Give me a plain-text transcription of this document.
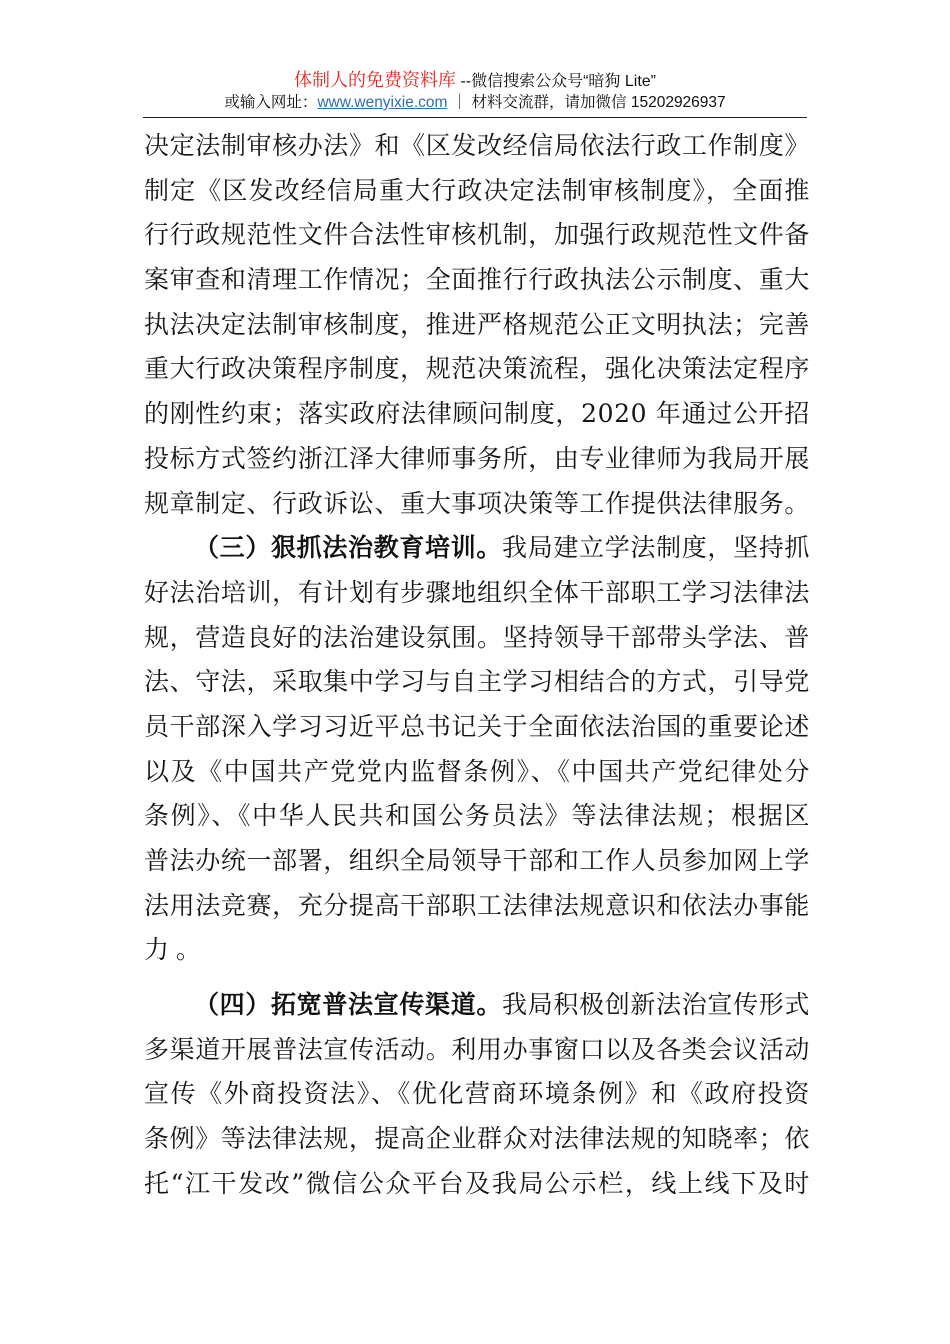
体制人的免费资料库 --微信搜索公众号“暗狗 Lite”
或输入网址：www.wenyixie.com ｜ 材料交流群，请加微信 15202926937
决定法制审核办法》和《区发改经信局依法行政工作制度》
制定《区发改经信局重大行政决定法制审核制度》，全面推
行行政规范性文件合法性审核机制，加强行政规范性文件备
案审查和清理工作情况；全面推行行政执法公示制度、重大
执法决定法制审核制度，推进严格规范公正文明执法；完善
重大行政决策程序制度，规范决策流程，强化决策法定程序
的刚性约束；落实政府法律顾问制度，2020 年通过公开招
投标方式签约浙江泽大律师事务所，由专业律师为我局开展
规章制定、行政诉讼、重大事项决策等工作提供法律服务。
（三）狠抓法治教育培训。我局建立学法制度，坚持抓
好法治培训，有计划有步骤地组织全体干部职工学习法律法
规，营造良好的法治建设氛围。坚持领导干部带头学法、普
法、守法，采取集中学习与自主学习相结合的方式，引导党
员干部深入学习习近平总书记关于全面依法治国的重要论述
以及《中国共产党党内监督条例》、《中国共产党纪律处分
条例》、《中华人民共和国公务员法》等法律法规；根据区
普法办统一部署，组织全局领导干部和工作人员参加网上学
法用法竞赛，充分提高干部职工法律法规意识和依法办事能
力。
（四）拓宽普法宣传渠道。我局积极创新法治宣传形式
多渠道开展普法宣传活动。利用办事窗口以及各类会议活动
宣传《外商投资法》、《优化营商环境条例》和《政府投资
条例》等法律法规，提高企业群众对法律法规的知晓率；依
托“江干发改”微信公众平台及我局公示栏，线上线下及时
